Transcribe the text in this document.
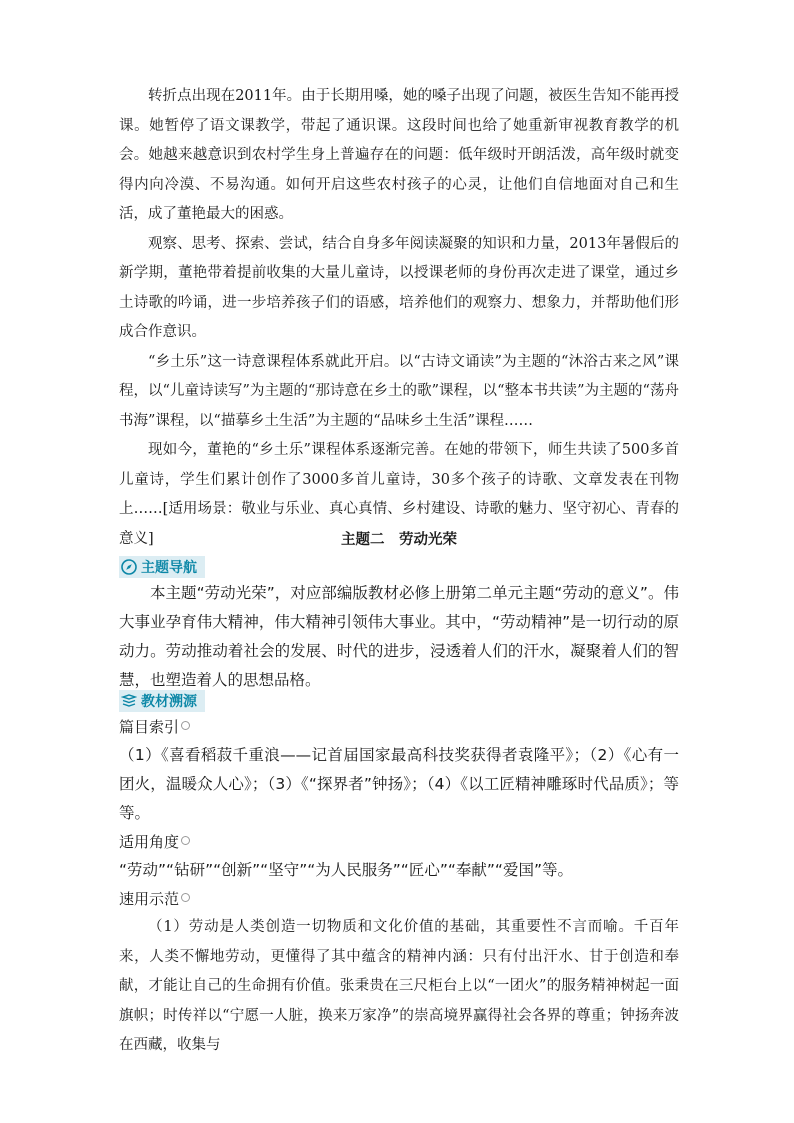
转折点出现在2011年。由于长期用嗓，她的嗓子出现了问题，被医生告知不能再授课。她暂停了语文课教学，带起了通识课。这段时间也给了她重新审视教育教学的机会。她越来越意识到农村学生身上普遍存在的问题：低年级时开朗活泼，高年级时就变得内向冷漠、不易沟通。如何开启这些农村孩子的心灵，让他们自信地面对自己和生活，成了董艳最大的困惑。

观察、思考、探索、尝试，结合自身多年阅读凝聚的知识和力量，2013年暑假后的新学期，董艳带着提前收集的大量儿童诗，以授课老师的身份再次走进了课堂，通过乡土诗歌的吟诵，进一步培养孩子们的语感，培养他们的观察力、想象力，并帮助他们形成合作意识。

“乡土乐”这一诗意课程体系就此开启。以“古诗文诵读”为主题的“沐浴古来之风”课程，以“儿童诗读写”为主题的“那诗意在乡土的歌”课程，以“整本书共读”为主题的“荡舟书海”课程，以“描摹乡土生活”为主题的“品味乡土生活”课程……

现如今，董艳的“乡土乐”课程体系逐渐完善。在她的带领下，师生共读了500多首儿童诗，学生们累计创作了3000多首儿童诗，30多个孩子的诗歌、文章发表在刊物上……[适用场景：敬业与乐业、真心真情、乡村建设、诗歌的魅力、坚守初心、青春的意义]	主题二　劳动光荣

主题导航

本主题“劳动光荣”，对应部编版教材必修上册第二单元主题“劳动的意义”。伟大事业孕育伟大精神，伟大精神引领伟大事业。其中，“劳动精神”是一切行动的原动力。劳动推动着社会的发展、时代的进步，浸透着人们的汗水，凝聚着人们的智慧，也塑造着人的思想品格。

教材溯源

篇目索引

（1）《喜看稻菽千重浪——记首届国家最高科技奖获得者袁隆平》；（2）《心有一团火，温暖众人心》；（3）《“探界者”钟扬》；（4）《以工匠精神雕琢时代品质》；等等。

适用角度

“劳动”“钻研”“创新”“坚守”“为人民服务”“匠心”“奉献”“爱国”等。

速用示范

（1）劳动是人类创造一切物质和文化价值的基础，其重要性不言而喻。千百年来，人类不懈地劳动，更懂得了其中蕴含的精神内涵：只有付出汗水、甘于创造和奉献，才能让自己的生命拥有价值。张秉贵在三尺柜台上以“一团火”的服务精神树起一面旗帜；时传祥以“宁愿一人脏，换来万家净”的崇高境界赢得社会各界的尊重；钟扬奔波在西藏，收集与
